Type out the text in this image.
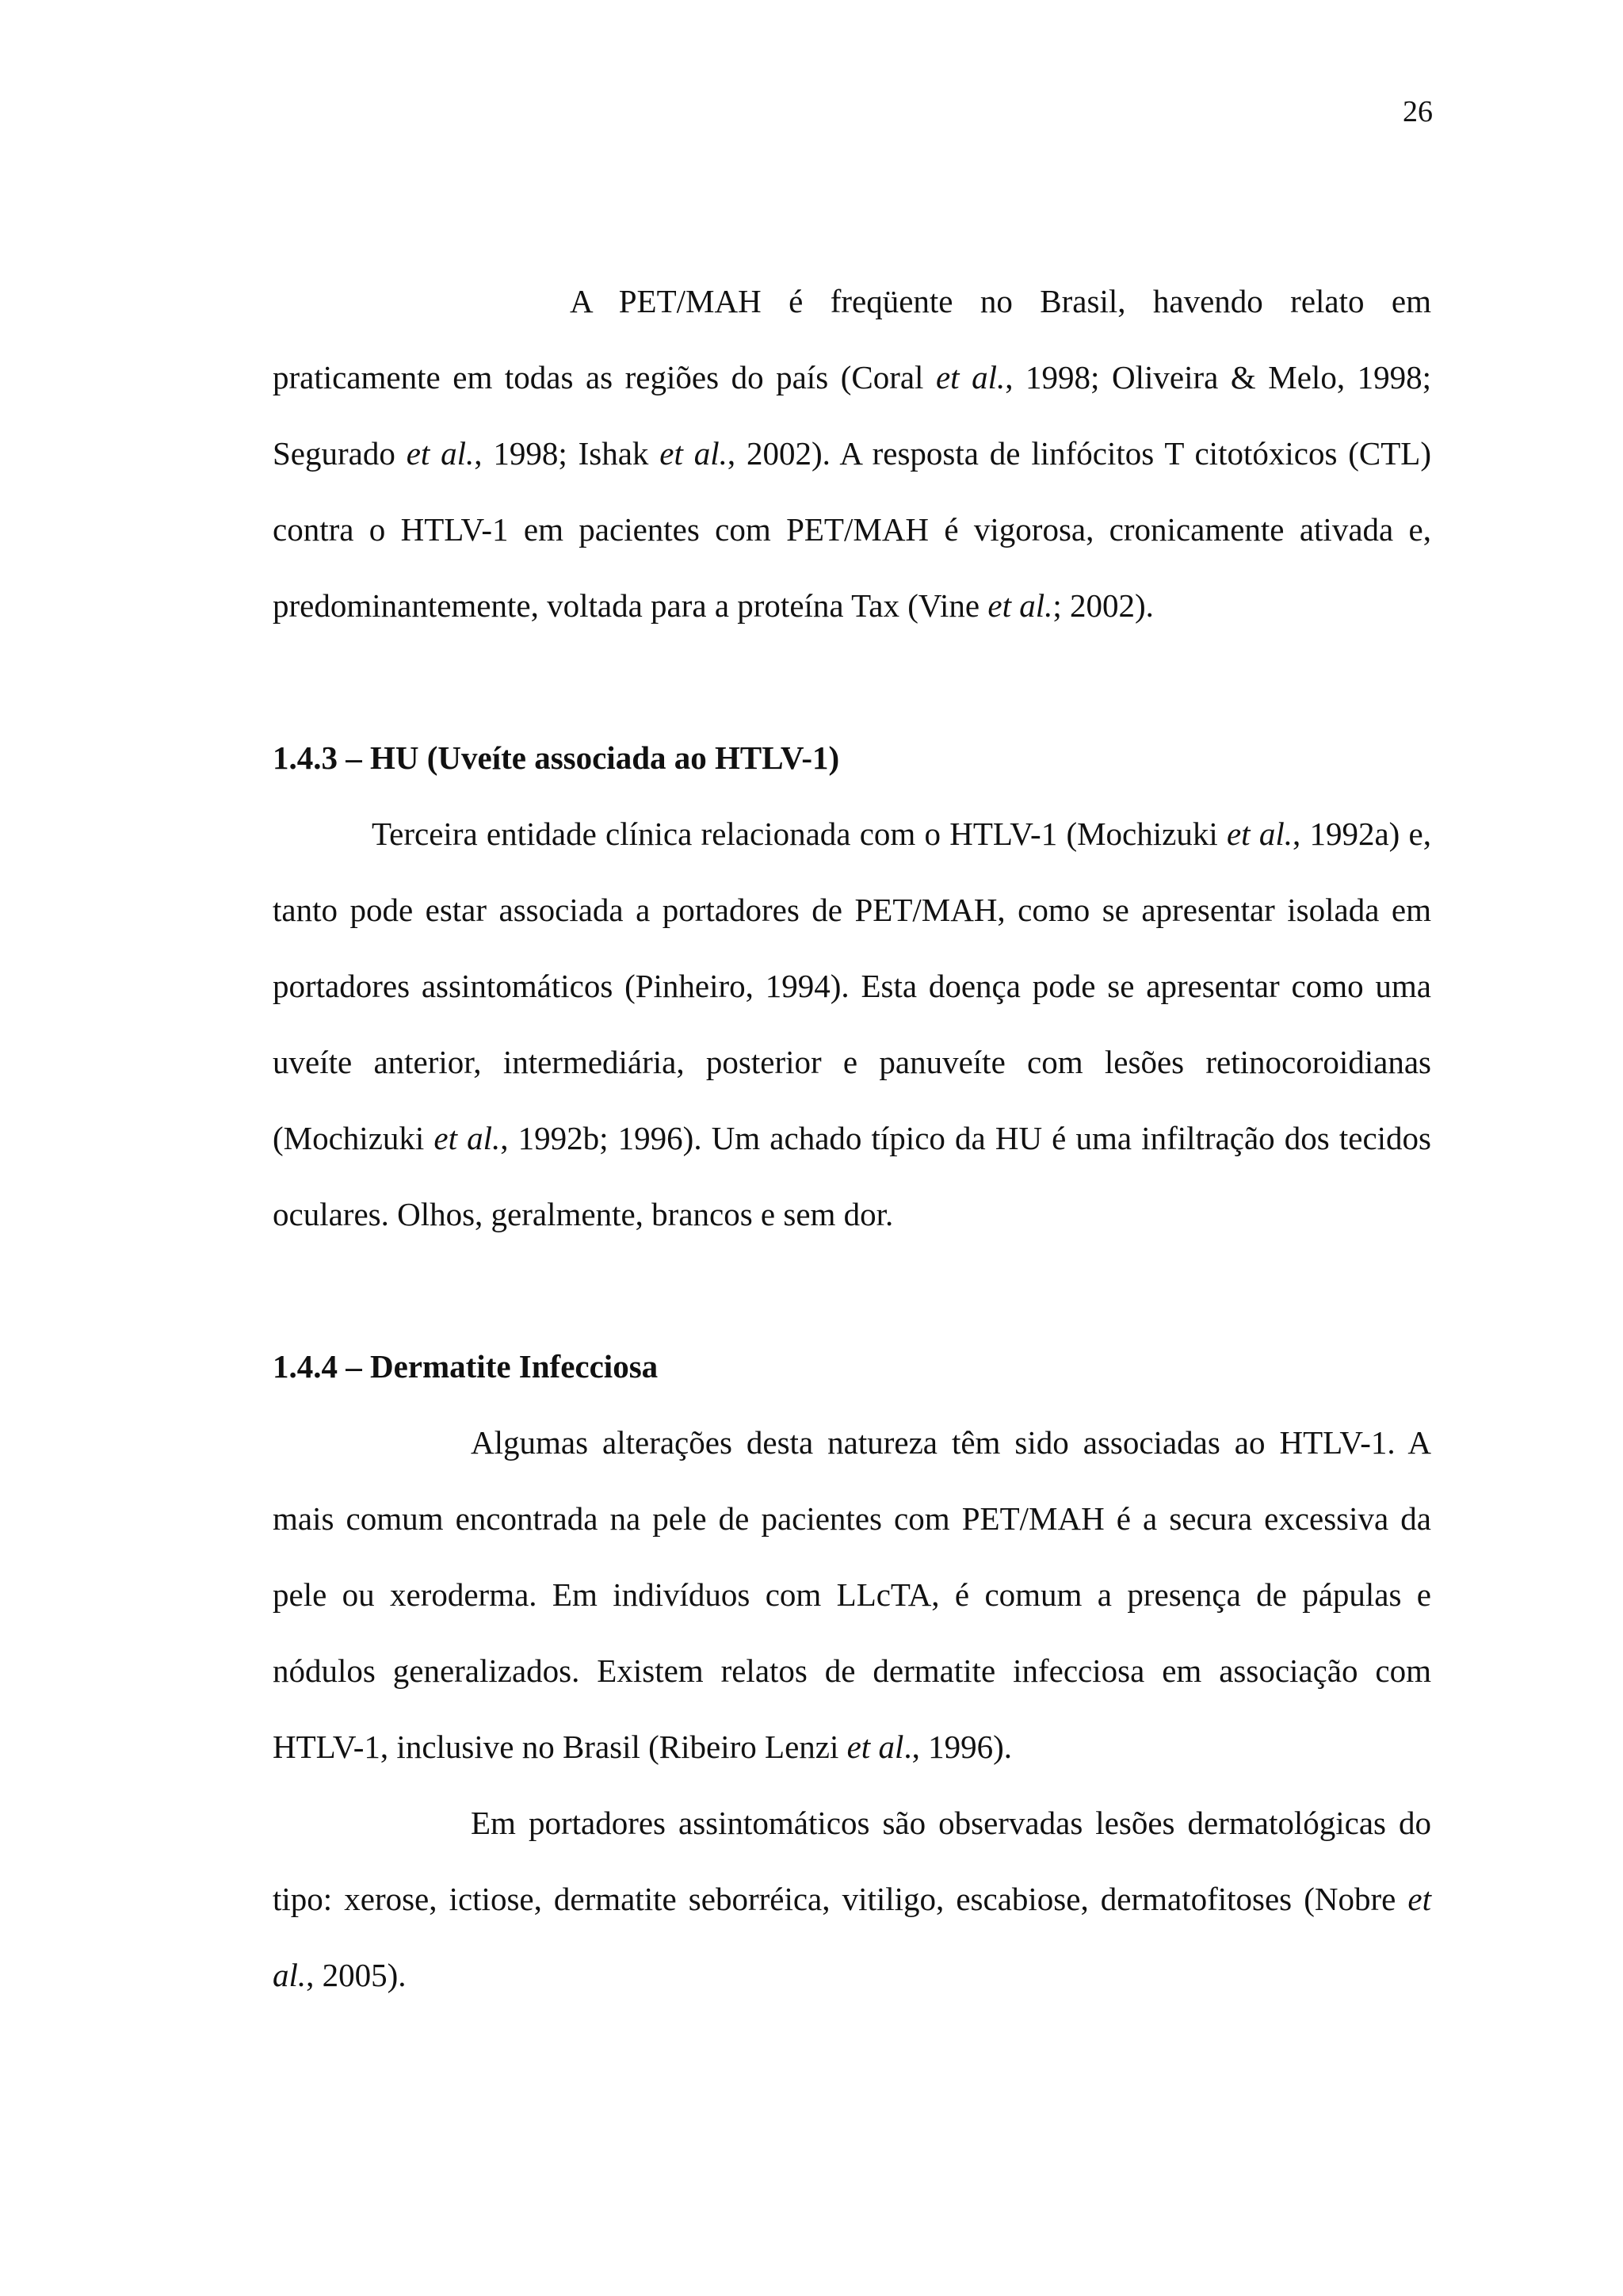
26

A PET/MAH é freqüente no Brasil, havendo relato em praticamente em todas as regiões do país (Coral et al., 1998; Oliveira & Melo, 1998; Segurado et al., 1998; Ishak et al., 2002). A resposta de linfócitos T citotóxicos (CTL) contra o HTLV-1 em pacientes com PET/MAH é vigorosa, cronicamente ativada e, predominantemente, voltada para a proteína Tax (Vine et al.; 2002).

1.4.3 – HU (Uveíte associada ao HTLV-1)

Terceira entidade clínica relacionada com o HTLV-1 (Mochizuki et al., 1992a) e, tanto pode estar associada a portadores de PET/MAH, como se apresentar isolada em portadores assintomáticos (Pinheiro, 1994). Esta doença pode se apresentar como uma uveíte anterior, intermediária, posterior e panuveíte com lesões retinocoroidianas (Mochizuki et al., 1992b; 1996). Um achado típico da HU é uma infiltração dos tecidos oculares. Olhos, geralmente, brancos e sem dor.

1.4.4 – Dermatite Infecciosa

Algumas alterações desta natureza têm sido associadas ao HTLV-1. A mais comum encontrada na pele de pacientes com PET/MAH é a secura excessiva da pele ou xeroderma. Em indivíduos com LLcTA, é comum a presença de pápulas e nódulos generalizados. Existem relatos de dermatite infecciosa em associação com HTLV-1, inclusive no Brasil (Ribeiro Lenzi et al., 1996).

Em portadores assintomáticos são observadas lesões dermatológicas do tipo: xerose, ictiose, dermatite seborréica, vitiligo, escabiose, dermatofitoses (Nobre et al., 2005).
